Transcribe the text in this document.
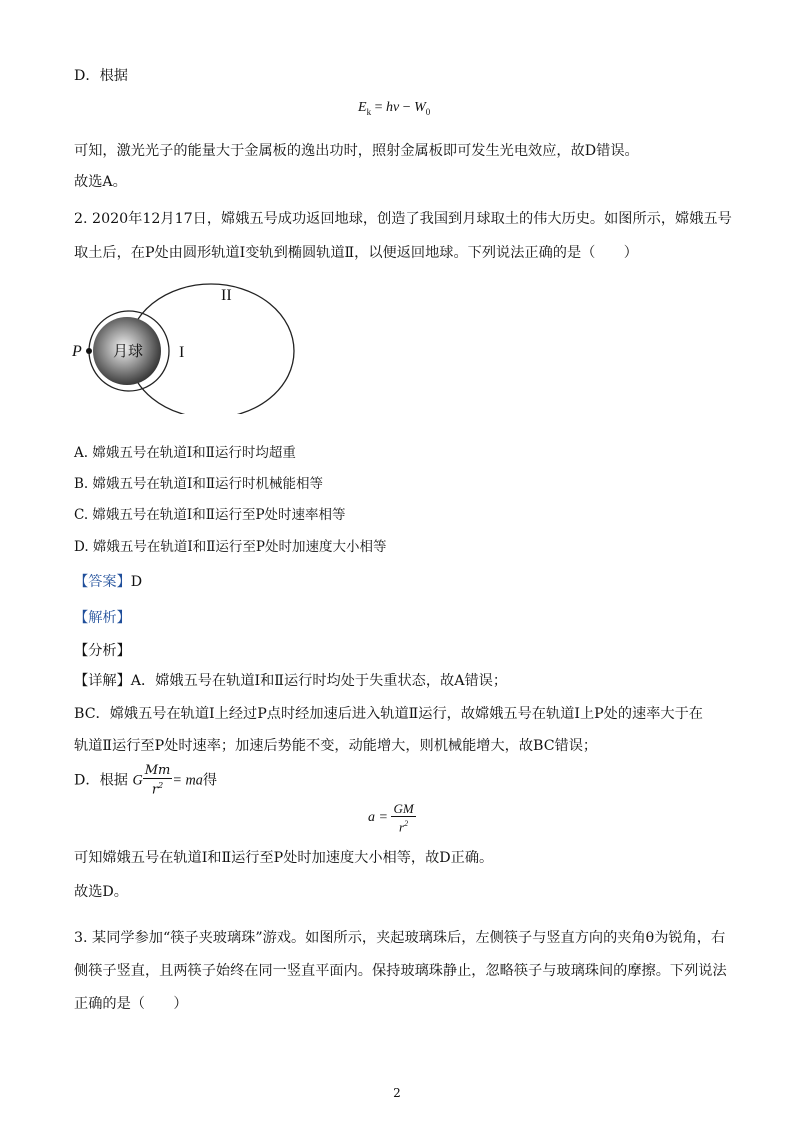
D．根据
$E_k = h\nu - W_0$
可知，激光光子的能量大于金属板的逸出功时，照射金属板即可发生光电效应，故D错误。
故选A。
2. 2020年12月17日，嫦娥五号成功返回地球，创造了我国到月球取土的伟大历史。如图所示，嫦娥五号
取土后，在P处由圆形轨道Ⅰ变轨到椭圆轨道Ⅱ，以便返回地球。下列说法正确的是（　　）
月球
P	I
II
A. 嫦娥五号在轨道Ⅰ和Ⅱ运行时均超重
B. 嫦娥五号在轨道Ⅰ和Ⅱ运行时机械能相等
C. 嫦娥五号在轨道Ⅰ和Ⅱ运行至P处时速率相等
D. 嫦娥五号在轨道Ⅰ和Ⅱ运行至P处时加速度大小相等
【答案】D
【解析】
【分析】
【详解】A．嫦娥五号在轨道Ⅰ和Ⅱ运行时均处于失重状态，故A错误；
BC．嫦娥五号在轨道Ⅰ上经过P点时经加速后进入轨道Ⅱ运行，故嫦娥五号在轨道Ⅰ上P处的速率大于在
轨道Ⅱ运行至P处时速率；加速后势能不变，动能增大，则机械能增大，故BC错误；
D．根据 G $\frac{Mm}{r^2}$ = ma得
$a = \frac{GM}{r^2}$
可知嫦娥五号在轨道Ⅰ和Ⅱ运行至P处时加速度大小相等，故D正确。
故选D。
3. 某同学参加“筷子夹玻璃珠”游戏。如图所示，夹起玻璃珠后，左侧筷子与竖直方向的夹角θ为锐角，右
侧筷子竖直，且两筷子始终在同一竖直平面内。保持玻璃珠静止，忽略筷子与玻璃珠间的摩擦。下列说法
正确的是（　　）
2
